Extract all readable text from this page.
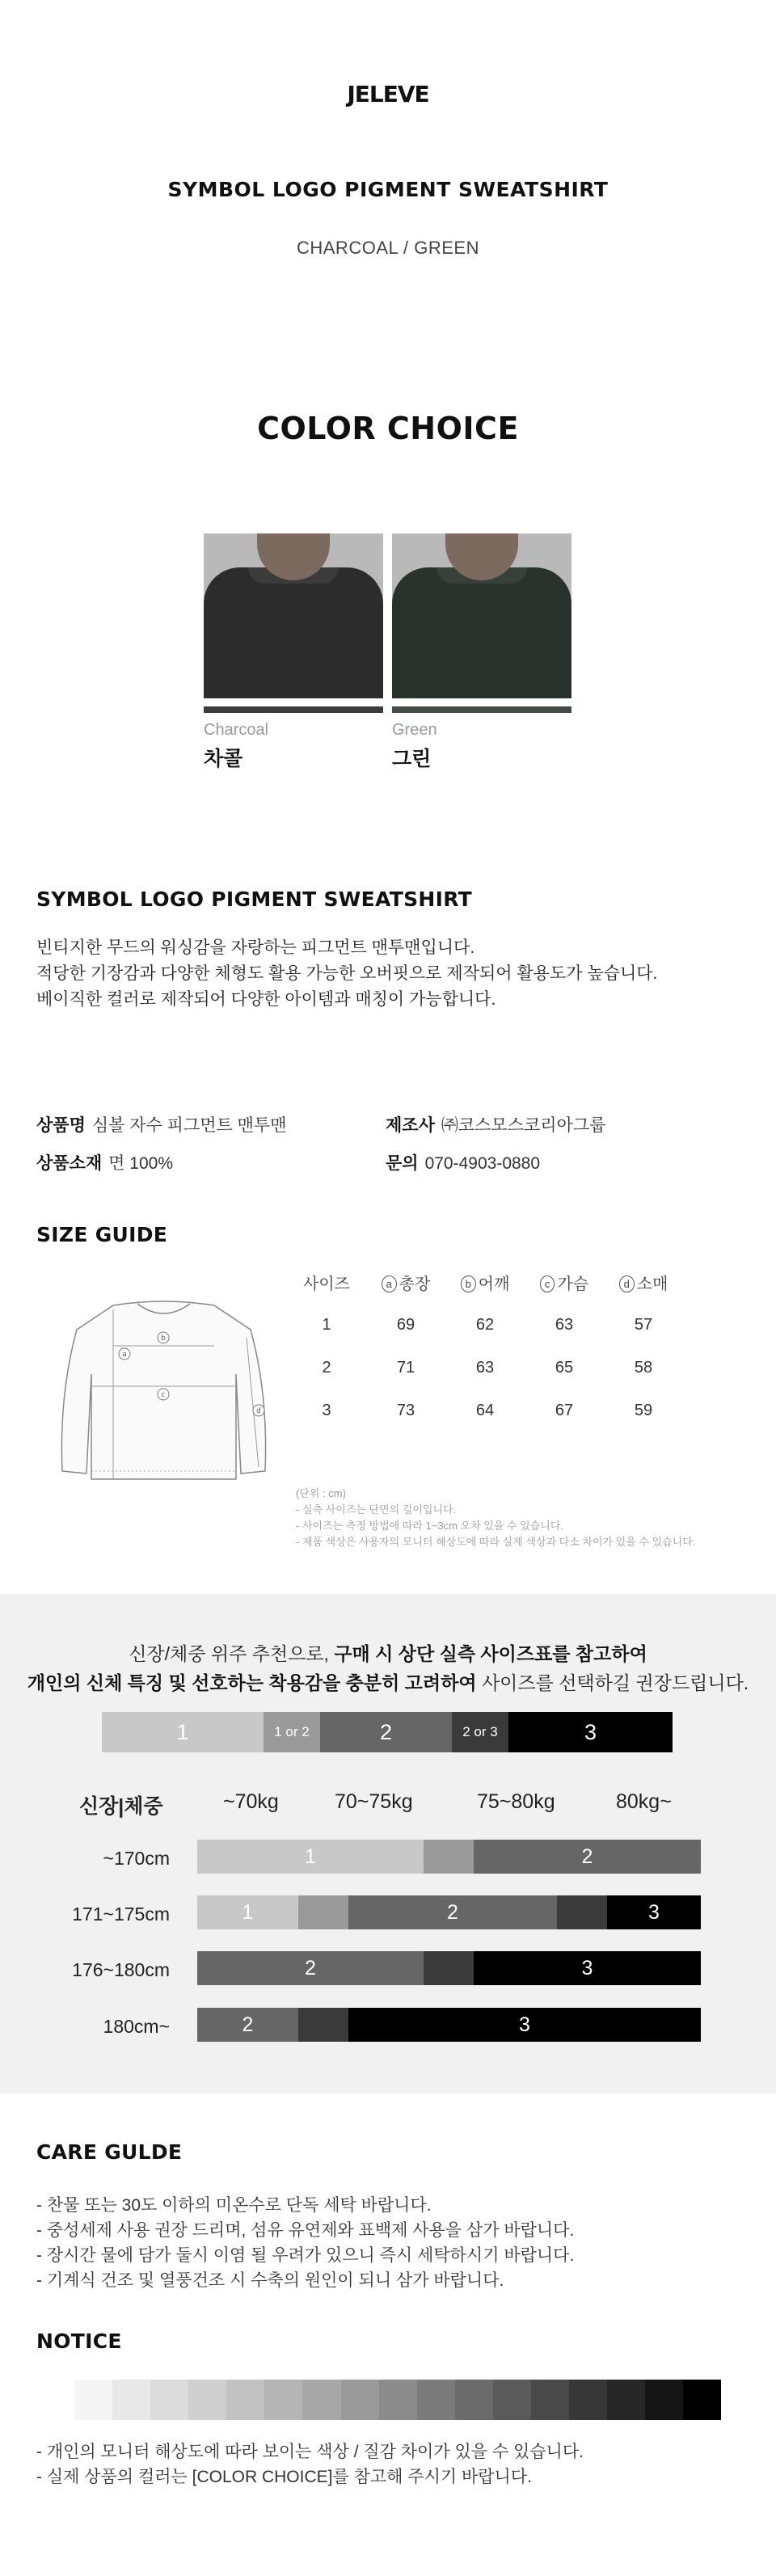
JELEVE
SYMBOL LOGO PIGMENT SWEATSHIRT
CHARCOAL / GREEN
COLOR CHOICE
Charcoal
차콜
Green
그린
SYMBOL LOGO PIGMENT SWEATSHIRT
빈티지한 무드의 워싱감을 자랑하는 피그먼트 맨투맨입니다.
적당한 기장감과 다양한 체형도 활용 가능한 오버핏으로 제작되어 활용도가 높습니다.
베이직한 컬러로 제작되어 다양한 아이템과 매칭이 가능합니다.
상품명 심볼 자수 피그먼트 맨투맨
상품소재 면 100%
제조사 ㈜코스모스코리아그룹
문의 070-4903-0880
SIZE GUIDE
a
b
c
d
사이즈	a 총장	b 어깨	c 가슴	d 소매
1	69	62	63	57
2	71	63	65	58
3	73	64	67	59
(단위 : cm)
- 실측 사이즈는 단면의 길이입니다.
- 사이즈는 측정 방법에 따라 1~3cm 오차 있을 수 있습니다.
- 제품 색상은 사용자의 모니터 해상도에 따라 실제 색상과 다소 차이가 있을 수 있습니다.
신장/체중 위주 추천으로, 구매 시 상단 실측 사이즈표를 참고하여
개인의 신체 특징 및 선호하는 착용감을 충분히 고려하여 사이즈를 선택하길 권장드립니다.
1	1 or 2	2	2 or 3	3
신장|체중	~70kg	70~75kg	75~80kg	80kg~
~170cm	1	2
171~175cm	1	2	3
176~180cm	2	3
180cm~	2	3
CARE GULDE
- 찬물 또는 30도 이하의 미온수로 단독 세탁 바랍니다.
- 중성세제 사용 권장 드리며, 섬유 유연제와 표백제 사용을 삼가 바랍니다.
- 장시간 물에 담가 둘시 이염 될 우려가 있으니 즉시 세탁하시기 바랍니다.
- 기계식 건조 및 열풍건조 시 수축의 원인이 되니 삼가 바랍니다.
NOTICE
- 개인의 모니터 해상도에 따라 보이는 색상 / 질감 차이가 있을 수 있습니다.
- 실제 상품의 컬러는 [COLOR CHOICE]를 참고해 주시기 바랍니다.
